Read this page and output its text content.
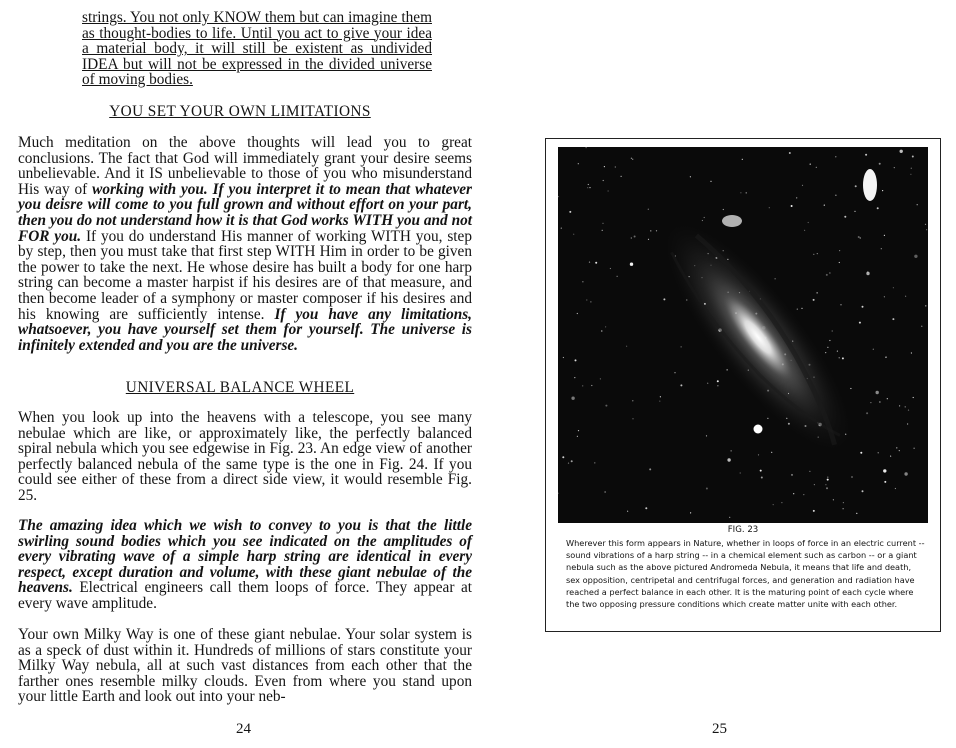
strings. You not only KNOW them but can imagine them as thought-bodies to life. Until you act to give your idea a material body, it will still be existent as undivided IDEA but will not be expressed in the divided universe of moving bodies.

YOU SET YOUR OWN LIMITATIONS

Much meditation on the above thoughts will lead you to great conclusions. The fact that God will immediately grant your desire seems unbelievable. And it IS unbelievable to those of you who misunderstand His way of working with you. If you interpret it to mean that whatever you deisre will come to you full grown and without effort on your part, then you do not understand how it is that God works WITH you and not FOR you. If you do understand His manner of working WITH you, step by step, then you must take that first step WITH Him in order to be given the power to take the next. He whose desire has built a body for one harp string can become a master harpist if his desires are of that measure, and then become leader of a symphony or master composer if his desires and his knowing are sufficiently intense. If you have any limitations, whatsoever, you have yourself set them for yourself. The universe is infinitely extended and you are the universe.

UNIVERSAL BALANCE WHEEL

When you look up into the heavens with a telescope, you see many nebulae which are like, or approximately like, the perfectly balanced spiral nebula which you see edgewise in Fig. 23. An edge view of another perfectly balanced nebula of the same type is the one in Fig. 24. If you could see either of these from a direct side view, it would resemble Fig. 25.

The amazing idea which we wish to convey to you is that the little swirling sound bodies which you see indicated on the amplitudes of every vibrating wave of a simple harp string are identical in every respect, except duration and volume, with these giant nebulae of the heavens. Electrical engineers call them loops of force. They appear at every wave amplitude.

Your own Milky Way is one of these giant nebulae. Your solar system is as a speck of dust within it. Hundreds of millions of stars constitute your Milky Way nebula, all at such vast distances from each other that the farther ones resemble milky clouds. Even from where you stand upon your little Earth and look out into your neb-

24

FIG. 23

Wherever this form appears in Nature, whether in loops of force in an electric current -- sound vibrations of a harp string -- in a chemical element such as carbon -- or a giant nebula such as the above pictured Andromeda Nebula, it means that life and death, sex opposition, centripetal and centrifugal forces, and generation and radiation have reached a perfect balance in each other. It is the maturing point of each cycle where the two opposing pressure conditions which create matter unite with each other.

25
